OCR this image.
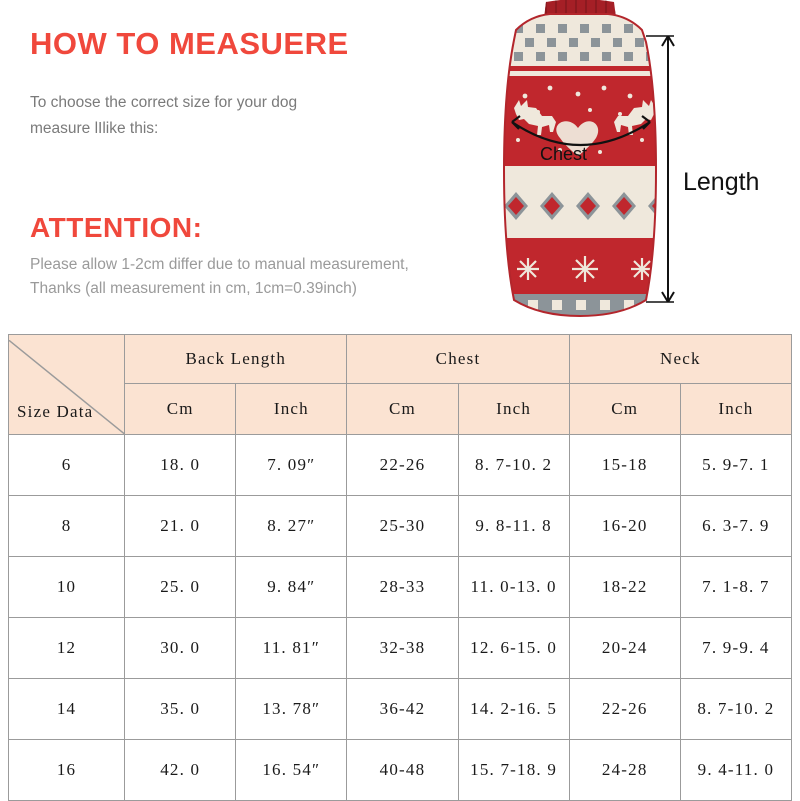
HOW TO MEASUERE
To choose the correct size for your dog
measure lIlike this:
ATTENTION:
Please allow 1-2cm differ due to manual measurement,
Thanks (all measurement in cm, 1cm=0.39inch)
Chest
Length
Size Data	Back Length		Chest		Neck	
	Cm	Inch	Cm	Inch	Cm	Inch
6	18. 0	7. 09″	22-26	8. 7-10. 2	15-18	5. 9-7. 1
8	21. 0	8. 27″	25-30	9. 8-11. 8	16-20	6. 3-7. 9
10	25. 0	9. 84″	28-33	11. 0-13. 0	18-22	7. 1-8. 7
12	30. 0	11. 81″	32-38	12. 6-15. 0	20-24	7. 9-9. 4
14	35. 0	13. 78″	36-42	14. 2-16. 5	22-26	8. 7-10. 2
16	42. 0	16. 54″	40-48	15. 7-18. 9	24-28	9. 4-11. 0
